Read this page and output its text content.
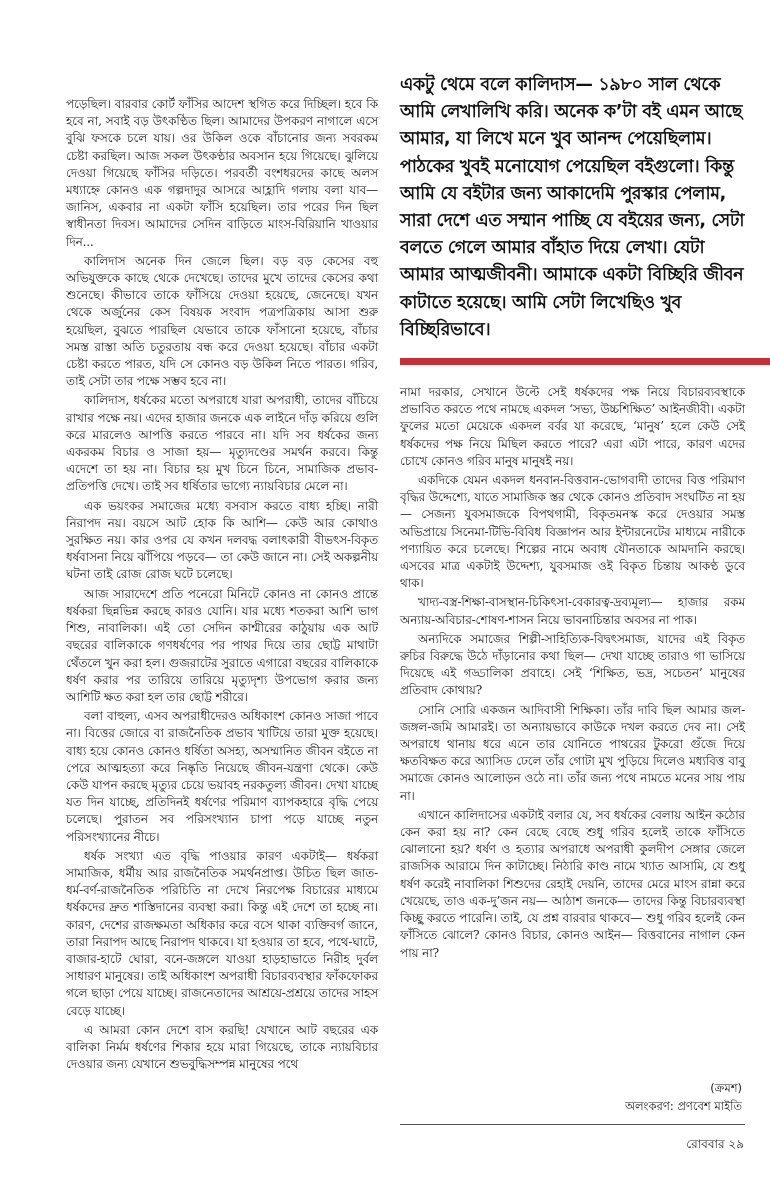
পড়েছিল। বারবার কোর্ট ফাঁসির আদেশ স্থগিত করে দিচ্ছিল। হবে কি হবে না, সবাই বড় উৎকণ্ঠিত ছিল। আমাদের উপকরণ নাগালে এসে বুঝি ফসকে চলে যায়। ওর উকিল ওকে বাঁচানোর জন্য সবরকম চেষ্টা করছিল। আজ সকল উৎকণ্ঠার অবসান হয়ে গিয়েছে। ঝুলিয়ে দেওয়া গিয়েছে ফাঁসির দড়িতে। পরবর্তী বংশধরদের কাছে অলস মধ্যাহ্নে কোনও এক গল্পদাদুর আসরে আহ্লাদি গলায় বলা যাব— জানিস, একবার না একটা ফাঁসি হয়েছিল। তার পরের দিন ছিল স্বাধীনতা দিবস। আমাদের সেদিন বাড়িতে মাংস-বিরিয়ানি খাওয়ার দিন...

কালিদাস অনেক দিন জেলে ছিল। বড় বড় কেসের বহু অভিযুক্তকে কাছে থেকে দেখেছে। তাদের মুখে তাদের কেসের কথা শুনেছে। কীভাবে তাকে ফাঁসিয়ে দেওয়া হয়েছে, জেনেছে। যখন থেকে অর্জুনের কেস বিষয়ক সংবাদ পত্রপত্রিকায় আসা শুরু হয়েছিল, বুঝতে পারছিল যেভাবে তাকে ফাঁসানো হয়েছে, বাঁচার সমস্ত রাস্তা অতি চতুরতায় বন্ধ করে দেওয়া হয়েছে। বাঁচার একটা চেষ্টা করতে পারত, যদি সে কোনও বড় উকিল নিতে পারত। গরিব, তাই সেটা তার পক্ষে সম্ভব হবে না।

কালিদাস, ধর্ষকের মতো অপরাধে যারা অপরাধী, তাদের বাঁচিয়ে রাখার পক্ষে নয়। এদের হাজার জনকে এক লাইনে দাঁড় করিয়ে গুলি করে মারলেও আপত্তি করতে পারবে না। যদি সব ধর্ষকের জন্য একরকম বিচার ও সাজা হয়— মৃত্যুদণ্ডের সমর্থন করবে। কিন্তু এদেশে তা হয় না। বিচার হয় মুখ চিনে চিনে, সামাজিক প্রভাব-প্রতিপত্তি দেখে। তাই সব ধর্ষিতার ভাগ্যে ন্যায়বিচার মেলে না।

এক ভয়ংকর সমাজের মধ্যে বসবাস করতে বাধ্য হচ্ছি। নারী নিরাপদ নয়। বয়সে আট হোক কি আশি— কেউ আর কোথাও সুরক্ষিত নয়। কার ওপর যে কখন দলবদ্ধ বলাৎকারী বীভৎস-বিকৃত ধর্ষবাসনা নিয়ে ঝাঁপিয়ে পড়বে— তা কেউ জানে না। সেই অকল্পনীয় ঘটনা তাই রোজ রোজ ঘটে চলেছে।

আজ সারাদেশে প্রতি পনেরো মিনিটে কোনও না কোনও প্রান্তে ধর্ষকরা ছিন্নভিন্ন করছে কারও যোনি। যার মধ্যে শতকরা আশি ভাগ শিশু, নাবালিকা। এই তো সেদিন কাশ্মীরের কাঠুয়ায় এক আট বছরের বালিকাকে গণধর্ষণের পর পাথর দিয়ে তার ছোট্ট মাথাটা থেঁতলে খুন করা হল। গুজরাটের সুরাতে এগারো বছরের বালিকাকে ধর্ষণ করার পর তারিয়ে তারিয়ে মৃত্যুদৃশ্য উপভোগ করার জন্য আশিটি ক্ষত করা হল তার ছোট্ট শরীরে।

বলা বাহুল্য, এসব অপরাধীদেরও অধিকাংশ কোনও সাজা পাবে না। বিত্তের জোরে বা রাজনৈতিক প্রভাব খাটিয়ে তারা মুক্ত হয়েছে। বাধ্য হয়ে কোনও কোনও ধর্ষিতা অসহ্য, অসম্মানিত জীবন বইতে না পেরে আত্মহত্যা করে নিষ্কৃতি নিয়েছে জীবন-যন্ত্রণা থেকে। কেউ কেউ যাপন করছে মৃত্যুর চেয়ে ভয়াবহ নরকতুল্য জীবন। দেখা যাচ্ছে যত দিন যাচ্ছে, প্রতিদিনই ধর্ষণের পরিমাণ ব্যাপকহারে বৃদ্ধি পেয়ে চলেছে। পুরাতন সব পরিসংখ্যান চাপা পড়ে যাচ্ছে নতুন পরিসংখ্যানের নীচে।

ধর্ষক সংখ্যা এত বৃদ্ধি পাওয়ার কারণ একটাই— ধর্ষকরা সামাজিক, ধর্মীয় আর রাজনৈতিক সমর্থনপ্রাপ্ত। উচিত ছিল জাত-ধর্ম-বর্ণ-রাজনৈতিক পরিচিতি না দেখে নিরপেক্ষ বিচারের মাধ্যমে ধর্ষকদের দ্রুত শাস্তিদানের ব্যবস্থা করা। কিন্তু এই দেশে তা হচ্ছে না। কারণ, দেশের রাজক্ষমতা অধিকার করে বসে থাকা ব্যক্তিবর্গ জানে, তারা নিরাপদ আছে নিরাপদ থাকবে। যা হওয়ার তা হবে, পথে-ঘাটে, বাজার-হাটে ঘোরা, বনে-জঙ্গলে যাওয়া হাড়হাভাতে নিরীহ দুর্বল সাধারণ মানুষের। তাই অধিকাংশ অপরাধী বিচারব্যবস্থার ফাঁকফোকর গলে ছাড়া পেয়ে যাচ্ছে। রাজনেতাদের আশ্রয়ে-প্রশ্রয়ে তাদের সাহস বেড়ে যাচ্ছে।

এ আমরা কোন দেশে বাস করছি! যেখানে আট বছরের এক বালিকা নির্মম ধর্ষণের শিকার হয়ে মারা গিয়েছে, তাকে ন্যায়বিচার দেওয়ার জন্য যেখানে শুভবুদ্ধিসম্পন্ন মানুষের পথে

একটু থেমে বলে কালিদাস— ১৯৮০ সাল থেকে আমি লেখালিখি করি। অনেক ক’টা বই এমন আছে আমার, যা লিখে মনে খুব আনন্দ পেয়েছিলাম। পাঠকের খুবই মনোযোগ পেয়েছিল বইগুলো। কিন্তু আমি যে বইটার জন্য আকাদেমি পুরস্কার পেলাম, সারা দেশে এত সম্মান পাচ্ছি যে বইয়ের জন্য, সেটা বলতে গেলে আমার বাঁহাত দিয়ে লেখা। যেটা আমার আত্মজীবনী। আমাকে একটা বিচ্ছিরি জীবন কাটাতে হয়েছে। আমি সেটা লিখেছিও খুব বিচ্ছিরিভাবে।

নামা দরকার, সেখানে উল্টে সেই ধর্ষকদের পক্ষ নিয়ে বিচারব্যবস্থাকে প্রভাবিত করতে পথে নামছে একদল ‘সভ্য, উচ্চশিক্ষিত’ আইনজীবী। একটা ফুলের মতো মেয়েকে একদল বর্বর যা করেছে, ‘মানুষ’ হলে কেউ সেই ধর্ষকদের পক্ষ নিয়ে মিছিল করতে পারে? এরা এটা পারে, কারণ এদের চোখে কোনও গরিব মানুষ মানুষই নয়।

একদিকে যেমন একদল ধনবান-বিত্তবান-ভোগবাদী তাদের বিত্ত পরিমাণ বৃদ্ধির উদ্দেশ্যে, যাতে সামাজিক স্তর থেকে কোনও প্রতিবাদ সংঘটিত না হয়— সেজন্য যুবসমাজকে বিপথগামী, বিকৃতমনস্ক করে দেওয়ার সমস্ত অভিপ্রায়ে সিনেমা-টিভি-বিবিধ বিজ্ঞাপন আর ইন্টারনেটের মাধ্যমে নারীকে পণ্যায়িত করে চলেছে। শিল্পের নামে অবাধ যৌনতাকে আমদানি করছে। এসবের মাত্র একটাই উদ্দেশ্য, যুবসমাজ ওই বিকৃত চিন্তায় আকণ্ঠ ডুবে থাক।

খাদ্য-বস্ত্র-শিক্ষা-বাসস্থান-চিকিৎসা-বেকারত্ব-দ্রব্যমূল্য— হাজার রকম অন্যায়-অবিচার-শোষণ-শাসন নিয়ে ভাবনাচিন্তার অবসর না পাক।

অন্যদিকে সমাজের শিল্পী-সাহিত্যিক-বিদ্বৎসমাজ, যাদের এই বিকৃত রুচির বিরুদ্ধে উঠে দাঁড়ানোর কথা ছিল— দেখা যাচ্ছে তারাও গা ভাসিয়ে দিয়েছে এই গড্ডালিকা প্রবাহে। সেই ‘শিক্ষিত, ভদ্র, সচেতন’ মানুষের প্রতিবাদ কোথায়?

সোনি সোরি একজন আদিবাসী শিক্ষিকা। তাঁর দাবি ছিল আমার জল-জঙ্গল-জমি আমারই। তা অন্যায়ভাবে কাউকে দখল করতে দেব না। সেই অপরাধে থানায় ধরে এনে তার যোনিতে পাথরের টুকরো গুঁজে দিয়ে ক্ষতবিক্ষত করে অ্যাসিড ঢেলে তাঁর গোটা মুখ পুড়িয়ে দিলেও মধ্যবিত্ত বাবু সমাজে কোনও আলোড়ন ওঠে না। তাঁর জন্য পথে নামতে মনের সায় পায় না।

এখানে কালিদাসের একটাই বলার যে, সব ধর্ষকের বেলায় আইন কঠোর কেন করা হয় না? কেন বেছে বেছে শুধু গরিব হলেই তাকে ফাঁসিতে ঝোলানো হয়? ধর্ষণ ও হত্যার অপরাধে অপরাধী কুলদীপ সেঙ্গার জেলে রাজসিক আরামে দিন কাটাচ্ছে। নিঠারি কাণ্ড নামে খ্যাত আসামি, যে শুধু ধর্ষণ করেই নাবালিকা শিশুদের রেহাই দেয়নি, তাদের মেরে মাংস রান্না করে খেয়েছে, তাও এক-দু’জন নয়— আঠাশ জনকে— তাদের কিন্তু বিচারব্যবস্থা কিচ্ছু করতে পারেনি। তাই, যে প্রশ্ন বারবার থাকবে— শুধু গরিব হলেই কেন ফাঁসিতে ঝোলে? কোনও বিচার, কোনও আইন— বিত্তবানের নাগাল কেন পায় না?

(ক্রমশ)
অলংকরণ: প্রণবেশ মাইতি
রোববার ২৯
